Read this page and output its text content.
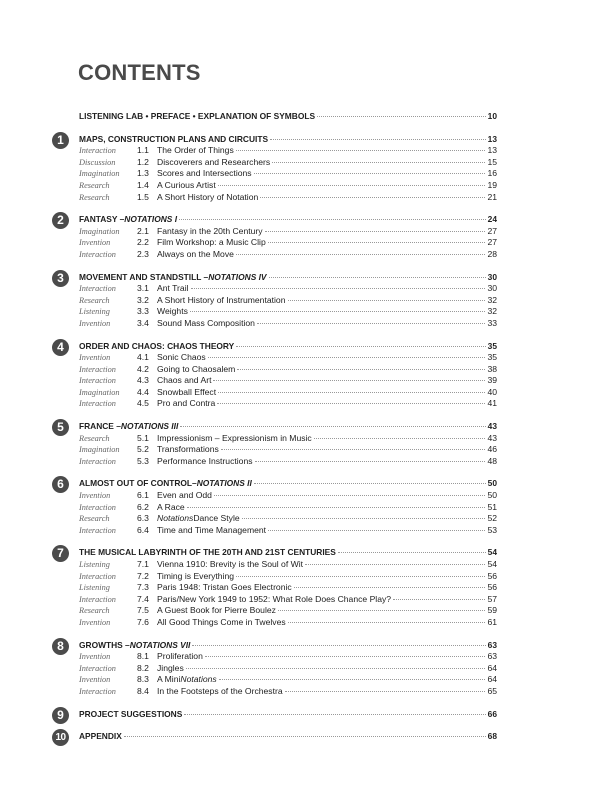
CONTENTS
LISTENING LAB • PREFACE • EXPLANATION OF SYMBOLS	10
1	MAPS, CONSTRUCTION PLANS AND CIRCUITS	13
Interaction	1.1 The Order of Things	13
Discussion	1.2 Discoverers and Researchers	15
Imagination	1.3 Scores and Intersections	16
Research	1.4 A Curious Artist	19
Research	1.5 A Short History of Notation	21
2	FANTASY – NOTATIONS I	24
Imagination	2.1 Fantasy in the 20th Century	27
Invention	2.2 Film Workshop: a Music Clip	27
Interaction	2.3 Always on the Move	28
3	MOVEMENT AND STANDSTILL – NOTATIONS IV	30
Interaction	3.1 Ant Trail	30
Research	3.2 A Short History of Instrumentation	32
Listening	3.3 Weights	32
Invention	3.4 Sound Mass Composition	33
4	ORDER AND CHAOS: CHAOS THEORY	35
Invention	4.1 Sonic Chaos	35
Interaction	4.2 Going to Chaosalem	38
Interaction	4.3 Chaos and Art	39
Imagination	4.4 Snowball Effect	40
Interaction	4.5 Pro and Contra	41
5	FRANCE – NOTATIONS III	43
Research	5.1 Impressionism – Expressionism in Music	43
Imagination	5.2 Transformations	46
Interaction	5.3 Performance Instructions	48
6	ALMOST OUT OF CONTROL– NOTATIONS II	50
Invention	6.1 Even and Odd	50
Interaction	6.2 A Race	51
Research	6.3 Notations Dance Style	52
Interaction	6.4 Time and Time Management	53
7	THE MUSICAL LABYRINTH OF THE 20TH AND 21ST CENTURIES	54
Listening	7.1 Vienna 1910: Brevity is the Soul of Wit	54
Interaction	7.2 Timing is Everything	56
Listening	7.3 Paris 1948: Tristan Goes Electronic	56
Interaction	7.4 Paris/New York 1949 to 1952: What Role Does Chance Play?	57
Research	7.5 A Guest Book for Pierre Boulez	59
Invention	7.6 All Good Things Come in Twelves	61
8	GROWTHS – NOTATIONS VII	63
Invention	8.1 Proliferation	63
Interaction	8.2 Jingles	64
Invention	8.3 A Mini Notations	64
Interaction	8.4 In the Footsteps of the Orchestra	65
9	PROJECT SUGGESTIONS	66
10	APPENDIX	68
